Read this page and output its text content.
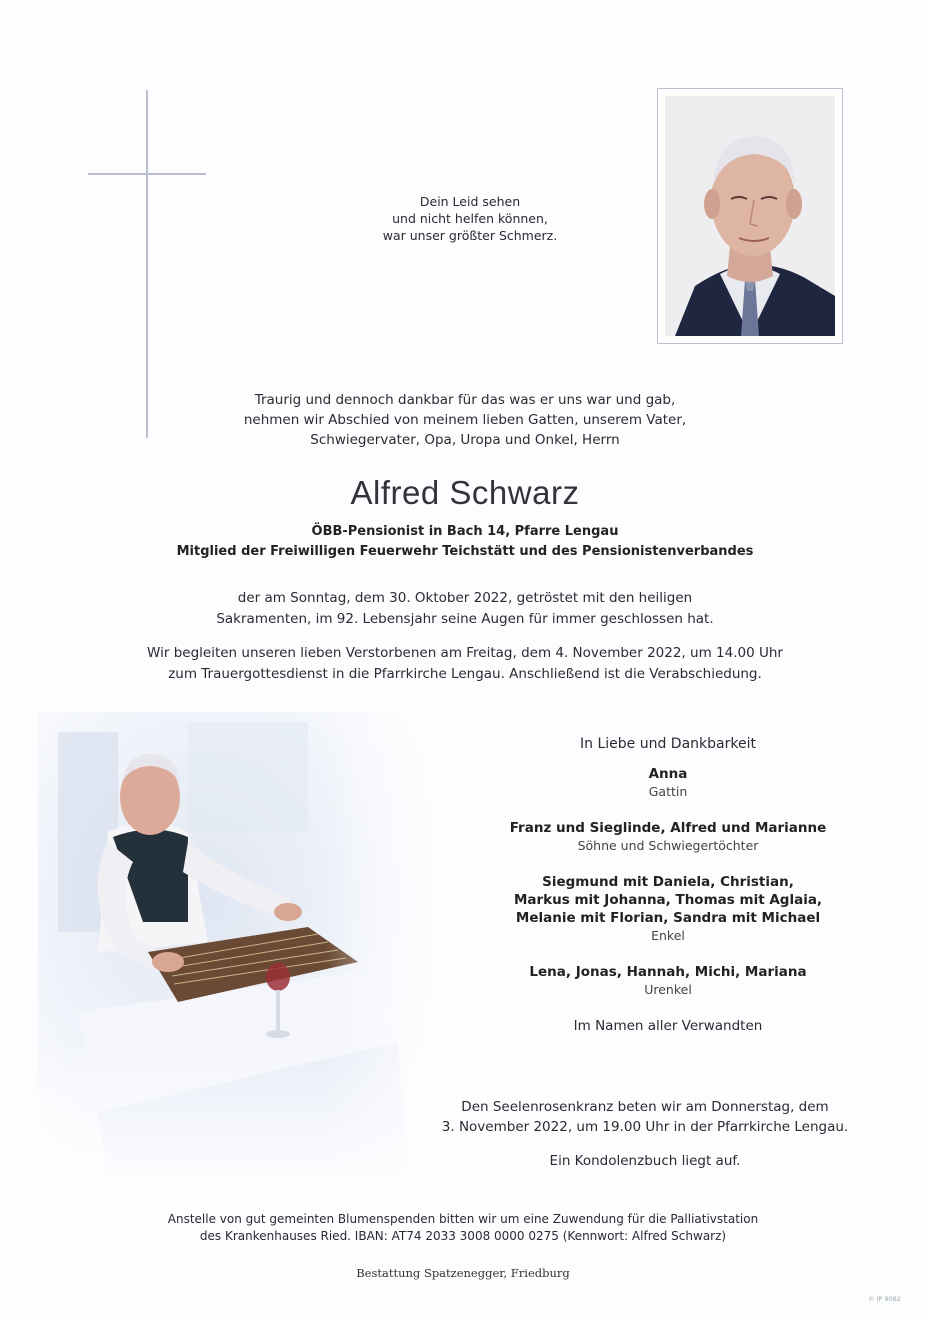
Dein Leid sehen
und nicht helfen können,
war unser größter Schmerz.
Traurig und dennoch dankbar für das was er uns war und gab,
nehmen wir Abschied von meinem lieben Gatten, unserem Vater,
Schwiegervater, Opa, Uropa und Onkel, Herrn
Alfred Schwarz
ÖBB-Pensionist in Bach 14, Pfarre Lengau
Mitglied der Freiwilligen Feuerwehr Teichstätt und des Pensionistenverbandes
der am Sonntag, dem 30. Oktober 2022, getröstet mit den heiligen
Sakramenten, im 92. Lebensjahr seine Augen für immer geschlossen hat.
Wir begleiten unseren lieben Verstorbenen am Freitag, dem 4. November 2022, um 14.00 Uhr
zum Trauergottesdienst in die Pfarrkirche Lengau. Anschließend ist die Verabschiedung.
In Liebe und Dankbarkeit
Anna
Gattin
Franz und Sieglinde, Alfred und Marianne
Söhne und Schwiegertöchter
Siegmund mit Daniela, Christian,
Markus mit Johanna, Thomas mit Aglaia,
Melanie mit Florian, Sandra mit Michael
Enkel
Lena, Jonas, Hannah, Michi, Mariana
Urenkel
Im Namen aller Verwandten
Den Seelenrosenkranz beten wir am Donnerstag, dem
3. November 2022, um 19.00 Uhr in der Pfarrkirche Lengau.
Ein Kondolenzbuch liegt auf.
Anstelle von gut gemeinten Blumenspenden bitten wir um eine Zuwendung für die Palliativstation
des Krankenhauses Ried. IBAN: AT74 2033 3008 0000 0275 (Kennwort: Alfred Schwarz)
Bestattung Spatzenegger, Friedburg
© IP 9082
